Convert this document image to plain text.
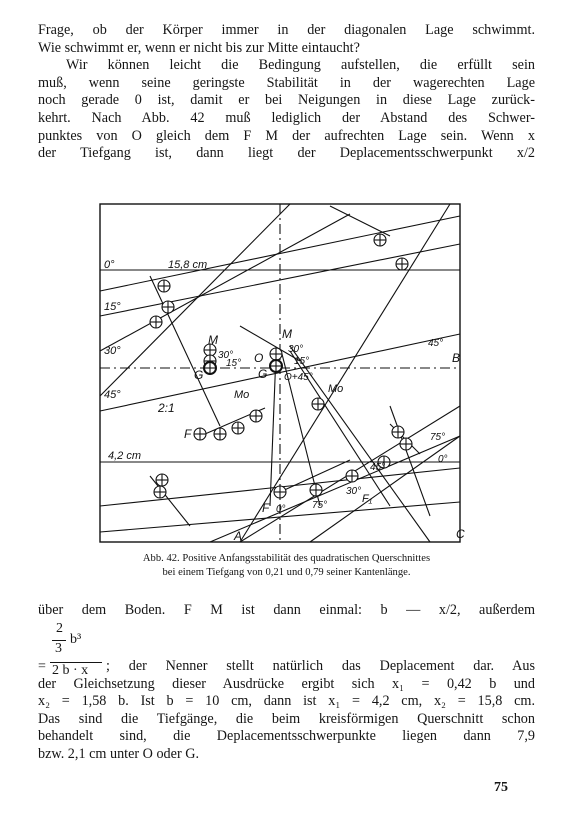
Frage, ob der Körper immer in der diagonalen Lage schwimmt.
Wie schwimmt er, wenn er nicht bis zur Mitte eintaucht?
Wir können leicht die Bedingung aufstellen, die erfüllt sein
muß, wenn seine geringste Stabilität in der wagerechten Lage
noch gerade 0 ist, damit er bei Neigungen in diese Lage zurück-
kehrt. Nach Abb. 42 muß lediglich der Abstand des Schwer-
punktes von O gleich dem F M der aufrechten Lage sein. Wenn x
der Tiefgang ist, dann liegt der Deplacementsschwerpunkt x/2
0°	15,8 cm
15°
30°
45°
M
G
30°
15° O
G
M
30°
15°
O+45°
Mo	Mo
2:1
F
45°
B
75°
0°
4,2 cm
F 0°	75°
30°
F₁
45°
C
A
Abb. 42. Positive Anfangsstabilität des quadratischen Querschnittes
bei einem Tiefgang von 0,21 und 0,79 seiner Kantenlänge.
über dem Boden. F M ist dann einmal: b — x/2, außerdem
2
3
b³
= 2 b · x ; der Nenner stellt natürlich das Deplacement dar. Aus
der Gleichsetzung dieser Ausdrücke ergibt sich x₁ = 0,42 b und
x₂ = 1,58 b. Ist b = 10 cm, dann ist x₁ = 4,2 cm, x₂ = 15,8 cm.
Das sind die Tiefgänge, die beim kreisförmigen Querschnitt schon
behandelt sind, die Deplacementsschwerpunkte liegen dann 7,9
bzw. 2,1 cm unter O oder G.
75
